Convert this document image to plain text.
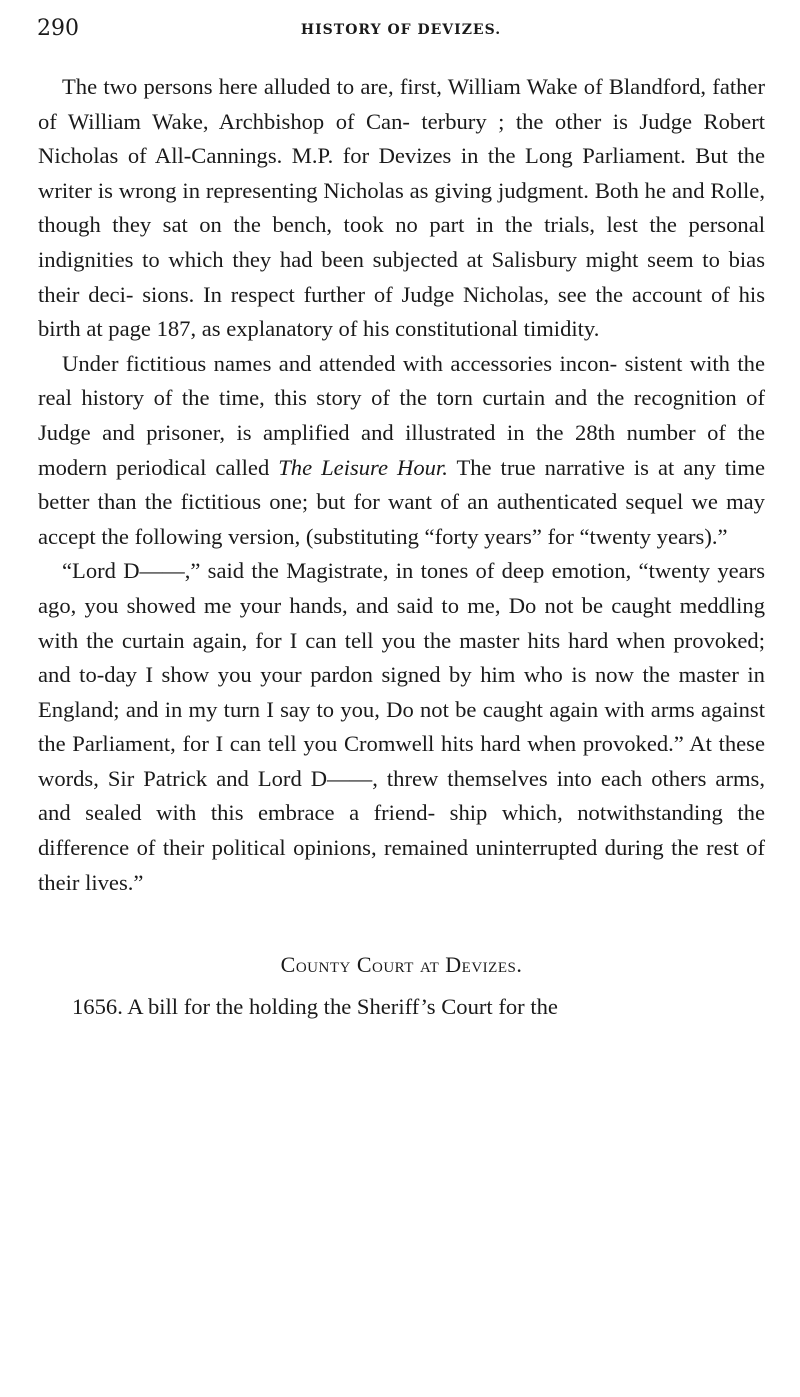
290	HISTORY OF DEVIZES.

The two persons here alluded to are, first, William Wake of Blandford, father of William Wake, Archbishop of Can- terbury ; the other is Judge Robert Nicholas of All-Cannings. M.P. for Devizes in the Long Parliament. But the writer is wrong in representing Nicholas as giving judgment. Both he and Rolle, though they sat on the bench, took no part in the trials, lest the personal indignities to which they had been subjected at Salisbury might seem to bias their deci- sions. In respect further of Judge Nicholas, see the account of his birth at page 187, as explanatory of his constitutional timidity.

Under fictitious names and attended with accessories incon- sistent with the real history of the time, this story of the torn curtain and the recognition of Judge and prisoner, is amplified and illustrated in the 28th number of the modern periodical called The Leisure Hour. The true narrative is at any time better than the fictitious one; but for want of an authenticated sequel we may accept the following version, (substituting “forty years” for “twenty years).”

“Lord D——,” said the Magistrate, in tones of deep emotion, “twenty years ago, you showed me your hands, and said to me, Do not be caught meddling with the curtain again, for I can tell you the master hits hard when provoked; and to-day I show you your pardon signed by him who is now the master in England; and in my turn I say to you, Do not be caught again with arms against the Parliament, for I can tell you Cromwell hits hard when provoked.” At these words, Sir Patrick and Lord D——, threw themselves into each others arms, and sealed with this embrace a friend- ship which, notwithstanding the difference of their political opinions, remained uninterrupted during the rest of their lives.”

County Court at Devizes.

1656. A bill for the holding the Sheriff’s Court for the
